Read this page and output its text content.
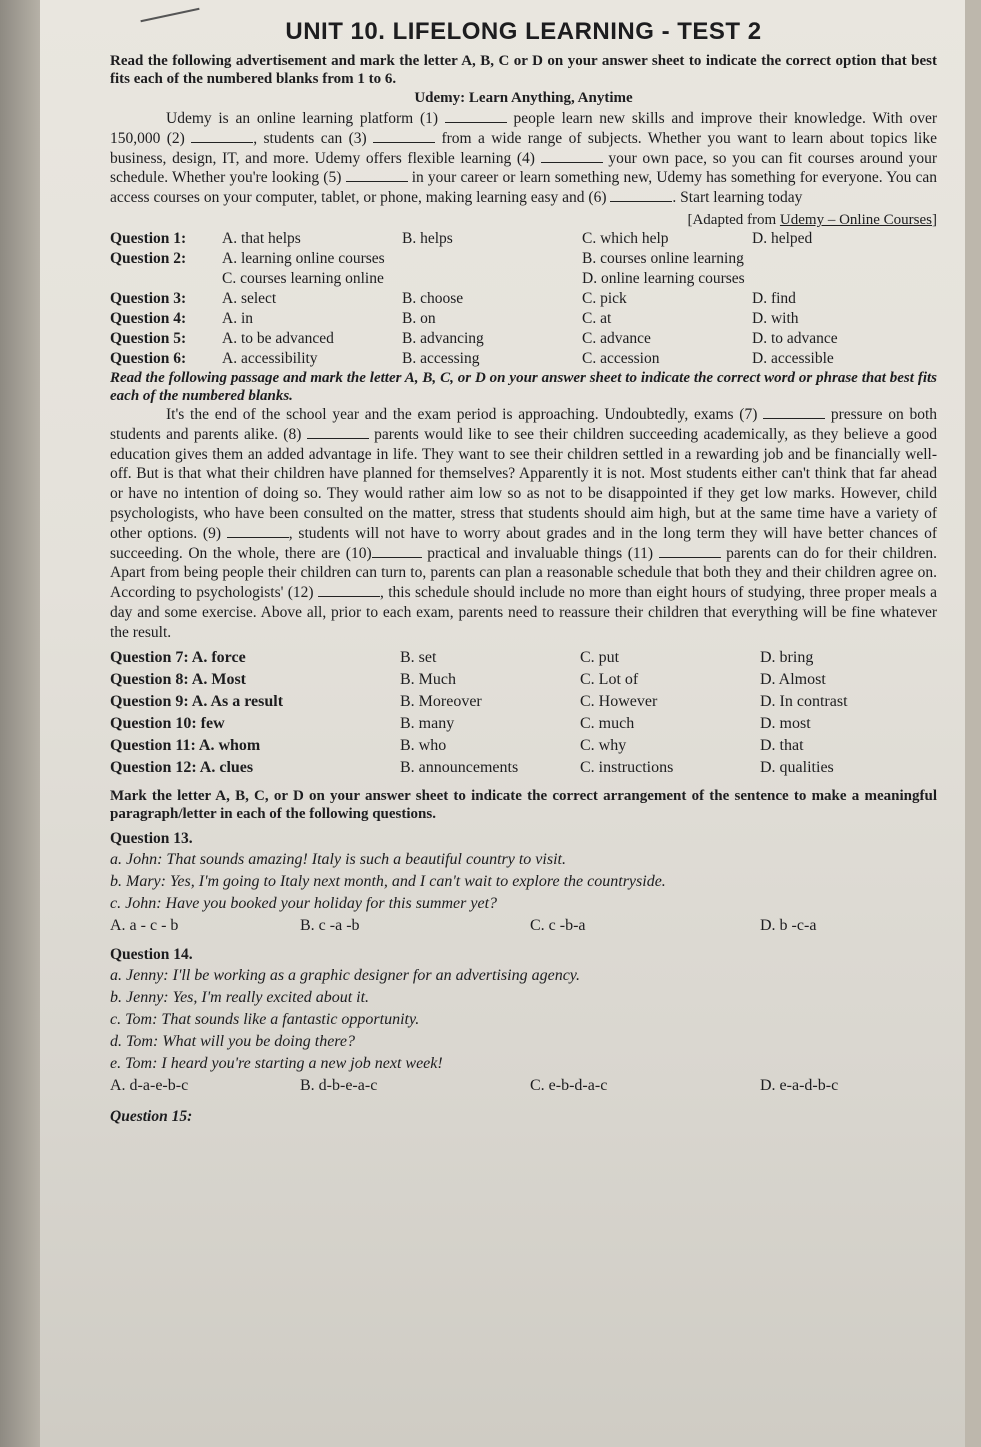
UNIT 10. LIFELONG LEARNING - TEST 2

Read the following advertisement and mark the letter A, B, C or D on your answer sheet to indicate the correct option that best fits each of the numbered blanks from 1 to 6.

Udemy: Learn Anything, Anytime

Udemy is an online learning platform (1)	people learn new skills and improve their knowledge. With over 150,000 (2)	, students can (3)	from a wide range of subjects. Whether you want to learn about topics like business, design, IT, and more. Udemy offers flexible learning (4)	your own pace, so you can fit courses around your schedule. Whether you're looking (5)	in your career or learn something new, Udemy has something for everyone. You can access courses on your computer, tablet, or phone, making learning easy and (6)	. Start learning today

[Adapted from Udemy – Online Courses]

Question 1:	A. that helps	B. helps	C. which help	D. helped
Question 2:	A. learning online courses	B. courses online learning
C. courses learning online	D. online learning courses
Question 3:	A. select	B. choose	C. pick	D. find
Question 4:	A. in	B. on	C. at	D. with
Question 5:	A. to be advanced	B. advancing	C. advance	D. to advance
Question 6:	A. accessibility	B. accessing	C. accession	D. accessible

Read the following passage and mark the letter A, B, C, or D on your answer sheet to indicate the correct word or phrase that best fits each of the numbered blanks.

It's the end of the school year and the exam period is approaching. Undoubtedly, exams (7)	pressure on both students and parents alike. (8)	parents would like to see their children succeeding academically, as they believe a good education gives them an added advantage in life. They want to see their children settled in a rewarding job and be financially well-off. But is that what their children have planned for themselves? Apparently it is not. Most students either can't think that far ahead or have no intention of doing so. They would rather aim low so as not to be disappointed if they get low marks. However, child psychologists, who have been consulted on the matter, stress that students should aim high, but at the same time have a variety of other options. (9)	, students will not have to worry about grades and in the long term they will have better chances of succeeding. On the whole, there are (10)	practical and invaluable things (11)	parents can do for their children. Apart from being people their children can turn to, parents can plan a reasonable schedule that both they and their children agree on. According to psychologists' (12)	, this schedule should include no more than eight hours of studying, three proper meals a day and some exercise. Above all, prior to each exam, parents need to reassure their children that everything will be fine whatever the result.

Question 7: A. force	B. set	C. put	D. bring
Question 8: A. Most	B. Much	C. Lot of	D. Almost
Question 9: A. As a result	B. Moreover	C. However	D. In contrast
Question 10: few	B. many	C. much	D. most
Question 11: A. whom	B. who	C. why	D. that
Question 12: A. clues	B. announcements	C. instructions	D. qualities

Mark the letter A, B, C, or D on your answer sheet to indicate the correct arrangement of the sentence to make a meaningful paragraph/letter in each of the following questions.

Question 13.
a. John: That sounds amazing! Italy is such a beautiful country to visit.
b. Mary: Yes, I'm going to Italy next month, and I can't wait to explore the countryside.
c. John: Have you booked your holiday for this summer yet?
A. a - c - b	B. c -a -b	C. c -b-a	D. b -c-a
Question 14.
a. Jenny: I'll be working as a graphic designer for an advertising agency.
b. Jenny: Yes, I'm really excited about it.
c. Tom: That sounds like a fantastic opportunity.
d. Tom: What will you be doing there?
e. Tom: I heard you're starting a new job next week!
A. d-a-e-b-c	B. d-b-e-a-c	C. e-b-d-a-c	D. e-a-d-b-c
Question 15:
